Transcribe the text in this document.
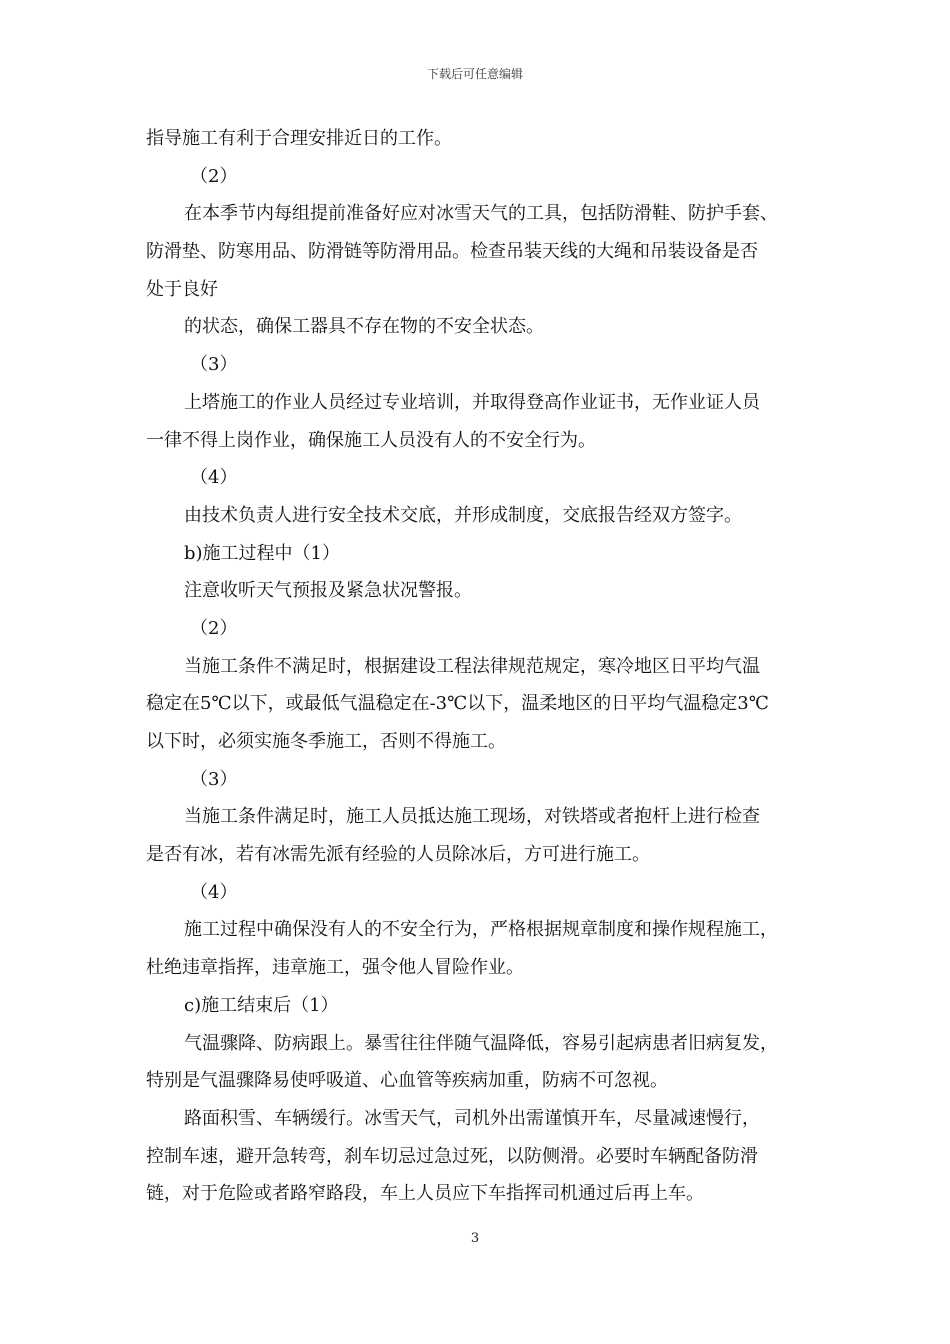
下载后可任意编辑
指导施工有利于合理安排近日的工作。
（2）
在本季节内每组提前准备好应对冰雪天气的工具，包括防滑鞋、防护手套、
防滑垫、防寒用品、防滑链等防滑用品。检查吊装天线的大绳和吊装设备是否
处于良好
的状态，确保工器具不存在物的不安全状态。
（3）
上塔施工的作业人员经过专业培训，并取得登高作业证书，无作业证人员
一律不得上岗作业，确保施工人员没有人的不安全行为。
（4）
由技术负责人进行安全技术交底，并形成制度，交底报告经双方签字。
b)施工过程中（1）
注意收听天气预报及紧急状况警报。
（2）
当施工条件不满足时，根据建设工程法律规范规定，寒冷地区日平均气温
稳定在5℃以下，或最低气温稳定在-3℃以下，温柔地区的日平均气温稳定3℃
以下时，必须实施冬季施工，否则不得施工。
（3）
当施工条件满足时，施工人员抵达施工现场，对铁塔或者抱杆上进行检查
是否有冰，若有冰需先派有经验的人员除冰后，方可进行施工。
（4）
施工过程中确保没有人的不安全行为，严格根据规章制度和操作规程施工，
杜绝违章指挥，违章施工，强令他人冒险作业。
c)施工结束后（1）
气温骤降、防病跟上。暴雪往往伴随气温降低，容易引起病患者旧病复发，
特别是气温骤降易使呼吸道、心血管等疾病加重，防病不可忽视。
路面积雪、车辆缓行。冰雪天气，司机外出需谨慎开车，尽量减速慢行，
控制车速，避开急转弯，刹车切忌过急过死，以防侧滑。必要时车辆配备防滑
链，对于危险或者路窄路段，车上人员应下车指挥司机通过后再上车。
3
